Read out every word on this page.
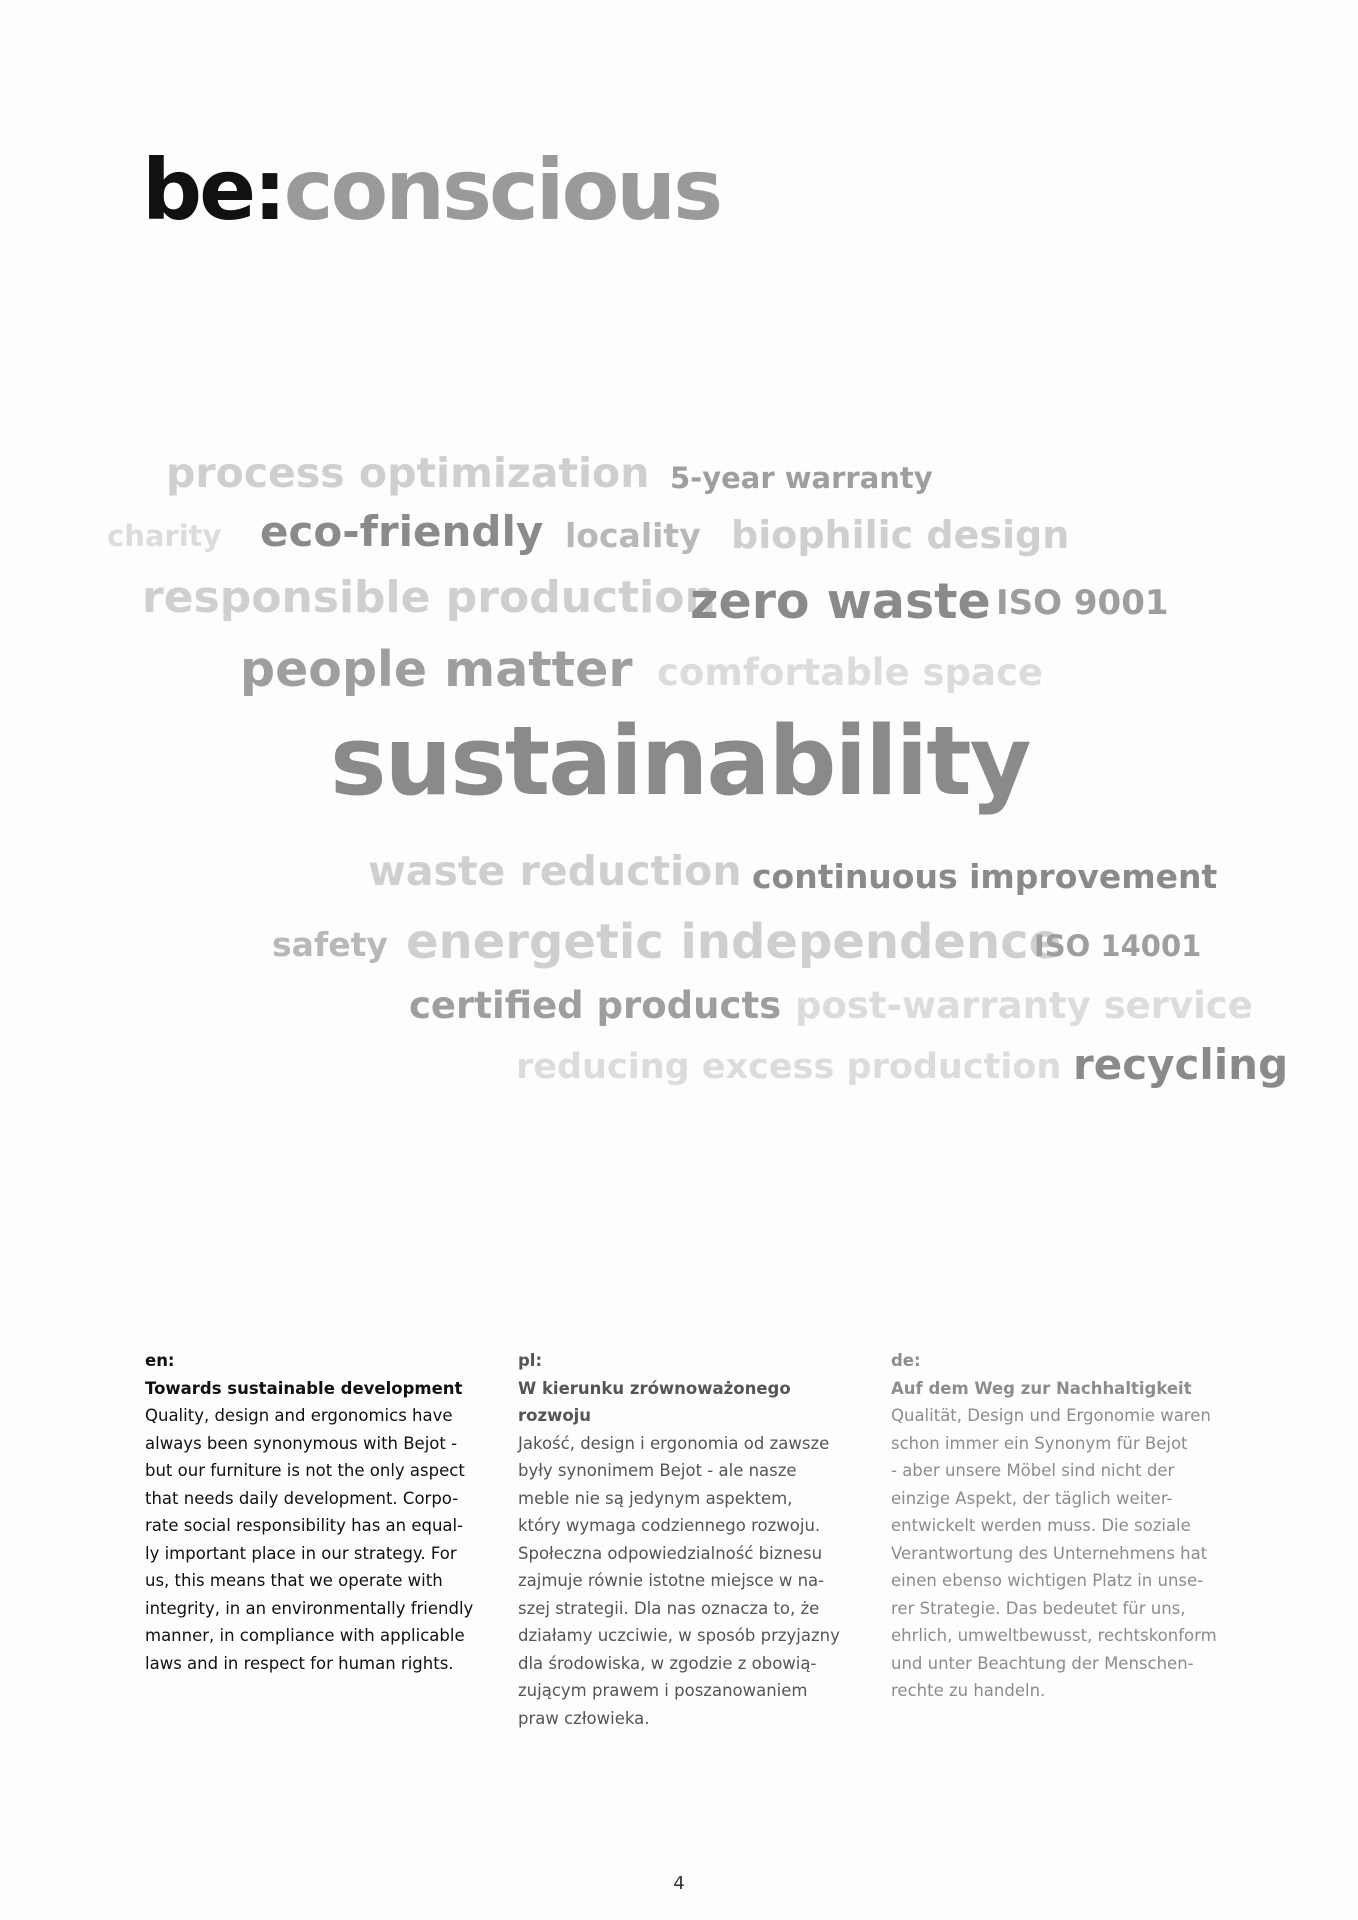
be:conscious
process optimization 5-year warranty
charity eco-friendly locality biophilic design
responsible production
zero waste ISO 9001
people matter comfortable space
sustainability
waste reduction continuous improvement
safety energetic independence
ISO 14001
certified products post-warranty service
reducing excess production recycling

en:

Towards sustainable development

Quality, design and ergonomics have

always been synonymous with Bejot -

but our furniture is not the only aspect

that needs daily development. Corpo-

rate social responsibility has an equal-

ly important place in our strategy. For

us, this means that we operate with

integrity, in an environmentally friendly

manner, in compliance with applicable

laws and in respect for human rights.

pl:

W kierunku zrównoważonego rozwoju

Jakość, design i ergonomia od zawsze

były synonimem Bejot - ale nasze

meble nie są jedynym aspektem,

który wymaga codziennego rozwoju.

Społeczna odpowiedzialność biznesu

zajmuje równie istotne miejsce w na-

szej strategii. Dla nas oznacza to, że

działamy uczciwie, w sposób przyjazny

dla środowiska, w zgodzie z obowią-

zującym prawem i poszanowaniem

praw człowieka.

de:

Auf dem Weg zur Nachhaltigkeit

Qualität, Design und Ergonomie waren

schon immer ein Synonym für Bejot

- aber unsere Möbel sind nicht der

einzige Aspekt, der täglich weiter-

entwickelt werden muss. Die soziale

Verantwortung des Unternehmens hat

einen ebenso wichtigen Platz in unse-

rer Strategie. Das bedeutet für uns,

ehrlich, umweltbewusst, rechtskonform

und unter Beachtung der Menschen-

rechte zu handeln.

4
